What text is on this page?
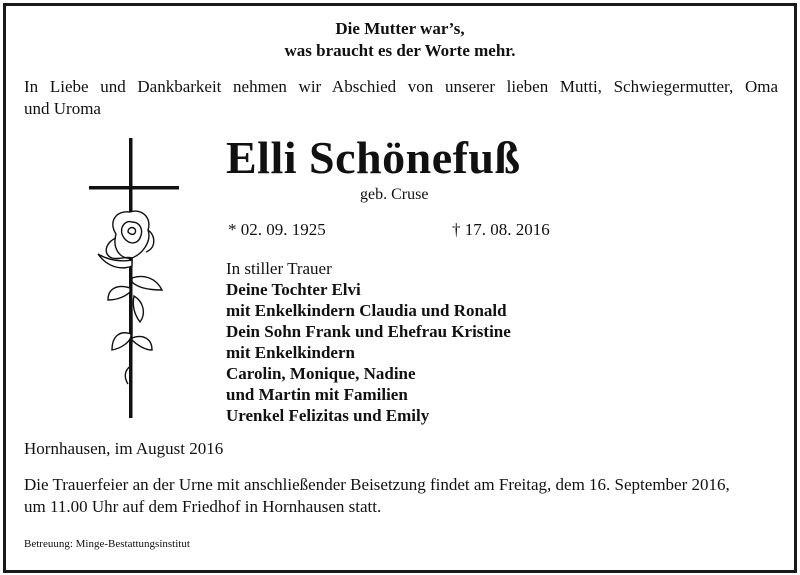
Die Mutter war’s,
was braucht es der Worte mehr.
In Liebe und Dankbarkeit nehmen wir Abschied von unserer lieben Mutti, Schwiegermutter, Oma
und Uroma
Elli Schönefuß
geb. Cruse
* 02. 09. 1925	† 17. 08. 2016
In stiller Trauer
Deine Tochter Elvi
mit Enkelkindern Claudia und Ronald
Dein Sohn Frank und Ehefrau Kristine
mit Enkelkindern
Carolin, Monique, Nadine
und Martin mit Familien
Urenkel Felizitas und Emily
Hornhausen, im August 2016
Die Trauerfeier an der Urne mit anschließender Beisetzung findet am Freitag, dem 16. September 2016,
um 11.00 Uhr auf dem Friedhof in Hornhausen statt.
Betreuung: Minge-Bestattungsinstitut
